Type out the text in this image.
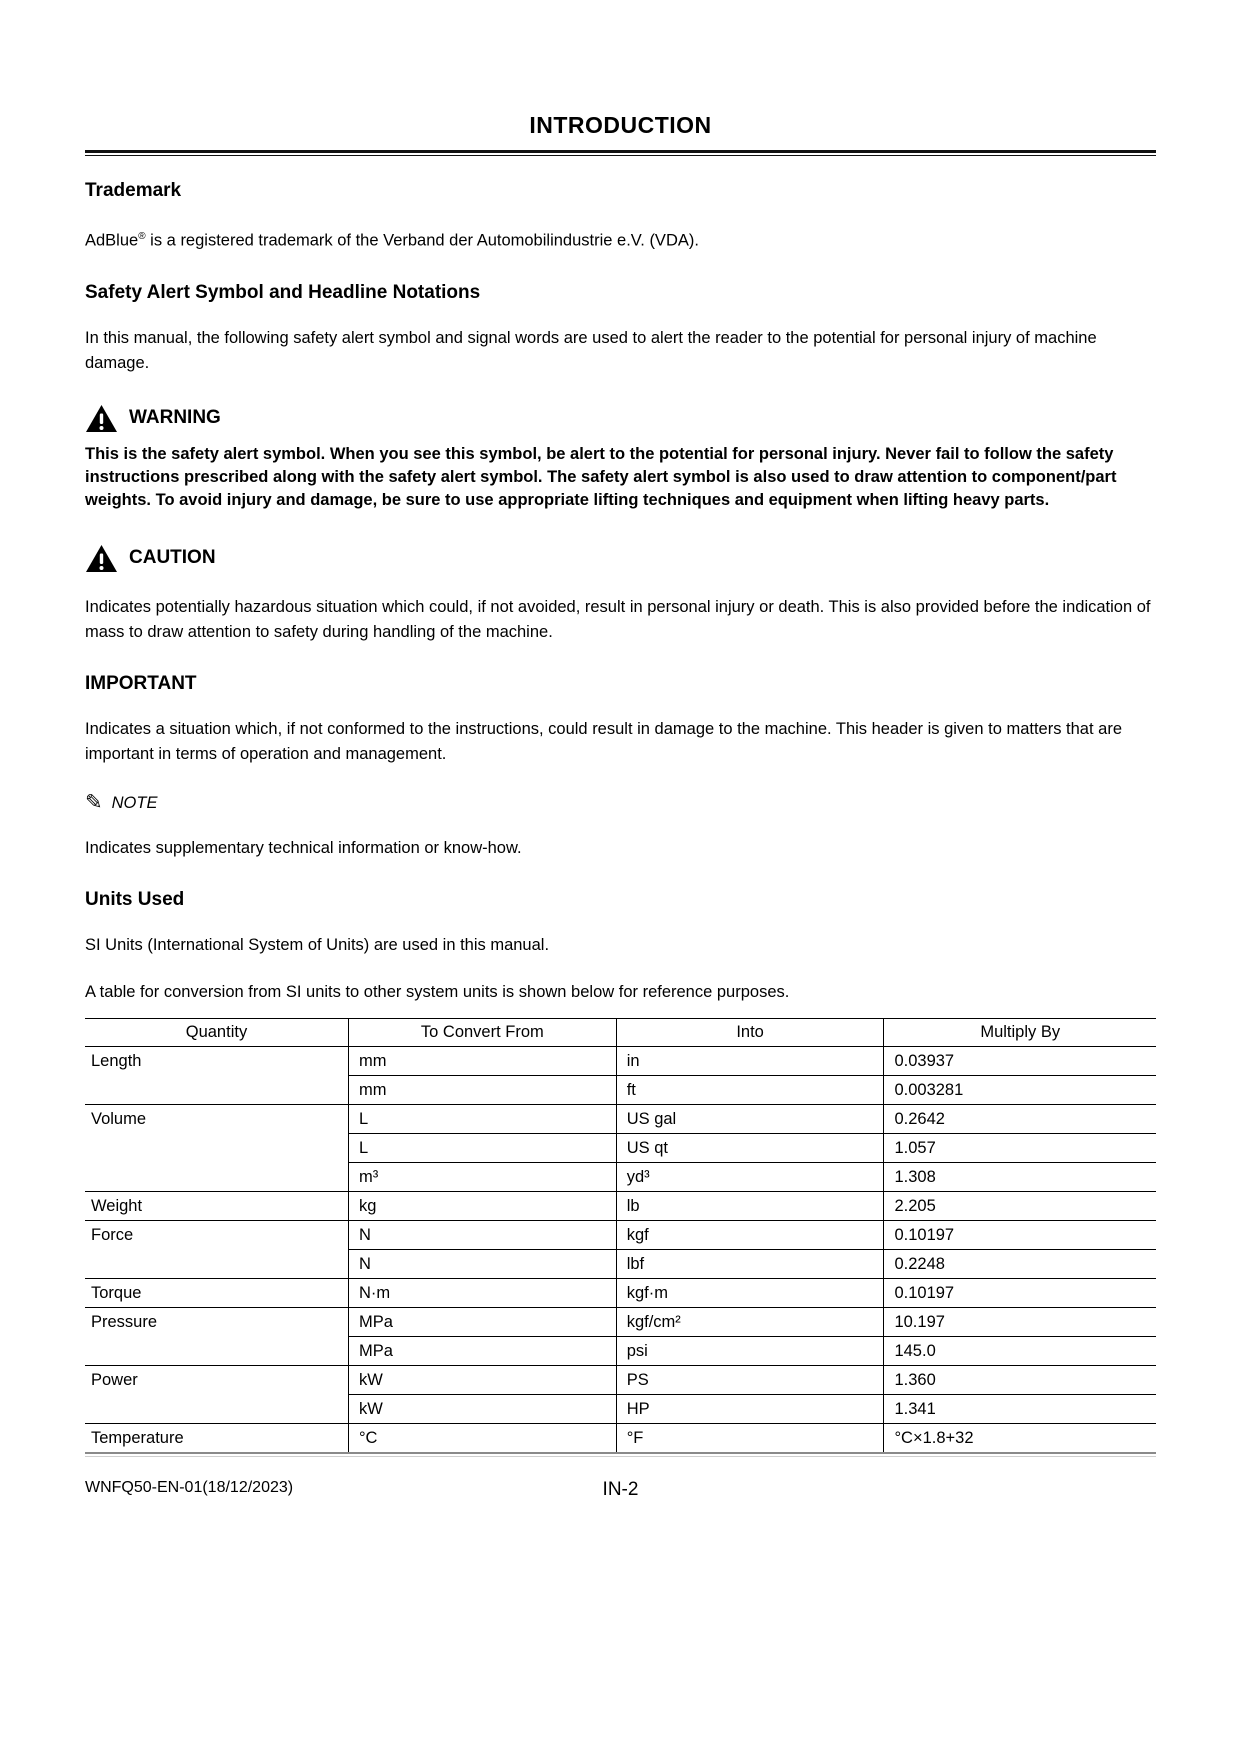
INTRODUCTION
Trademark

AdBlue® is a registered trademark of the Verband der Automobilindustrie e.V. (VDA).

Safety Alert Symbol and Headline Notations

In this manual, the following safety alert symbol and signal words are used to alert the reader to the potential for personal injury of machine damage.

WARNING

This is the safety alert symbol. When you see this symbol, be alert to the potential for personal injury. Never fail to follow the safety instructions prescribed along with the safety alert symbol. The safety alert symbol is also used to draw attention to component/part weights. To avoid injury and damage, be sure to use appropriate lifting techniques and equipment when lifting heavy parts.

CAUTION

Indicates potentially hazardous situation which could, if not avoided, result in personal injury or death. This is also provided before the indication of mass to draw attention to safety during handling of the machine.

IMPORTANT

Indicates a situation which, if not conformed to the instructions, could result in damage to the machine. This header is given to matters that are important in terms of operation and management.

✎ NOTE

Indicates supplementary technical information or know-how.

Units Used

SI Units (International System of Units) are used in this manual.

A table for conversion from SI units to other system units is shown below for reference purposes.

Quantity	To Convert From	Into	Multiply By
Length	mm	in	0.03937
	mm	ft	0.003281
Volume	L	US gal	0.2642
	L	US qt	1.057
	m³	yd³	1.308
Weight	kg	lb	2.205
Force	N	kgf	0.10197
	N	lbf	0.2248
Torque	N·m	kgf·m	0.10197
Pressure	MPa	kgf/cm²	10.197
	MPa	psi	145.0
Power	kW	PS	1.360
	kW	HP	1.341
Temperature	°C	°F	°C×1.8+32
WNFQ50-EN-01(18/12/2023)	IN-2
